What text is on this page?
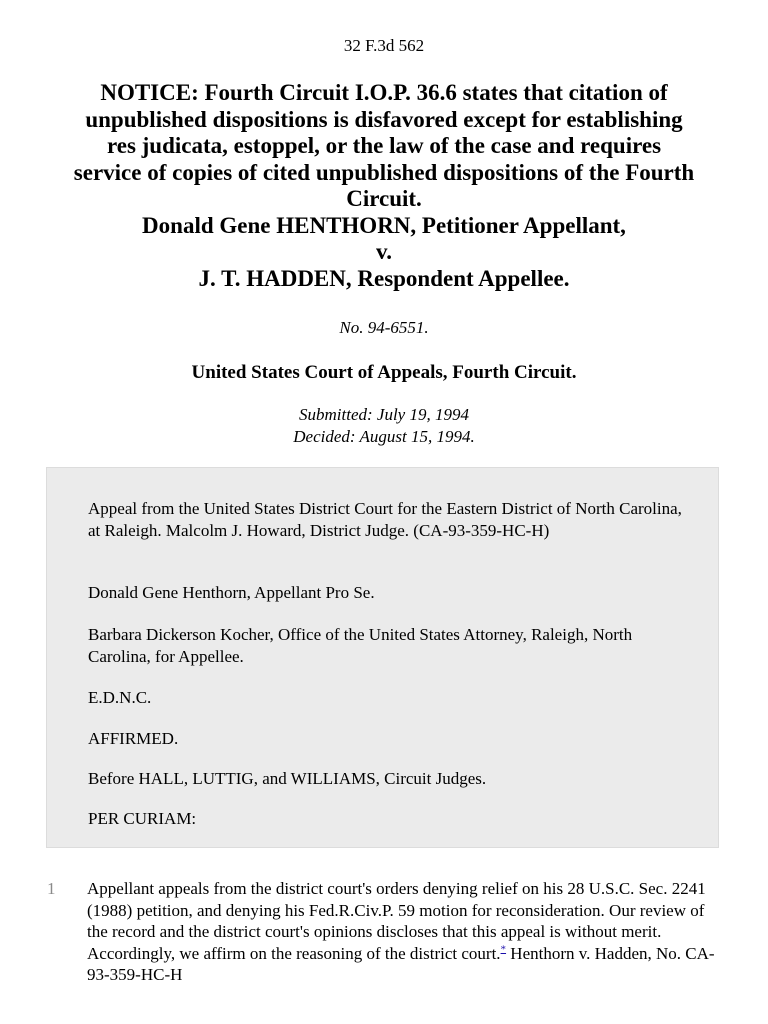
32 F.3d 562
NOTICE: Fourth Circuit I.O.P. 36.6 states that citation of
unpublished dispositions is disfavored except for establishing
res judicata, estoppel, or the law of the case and requires
service of copies of cited unpublished dispositions of the Fourth
Circuit.
Donald Gene HENTHORN, Petitioner Appellant,
v.
J. T. HADDEN, Respondent Appellee.
No. 94-6551.
United States Court of Appeals, Fourth Circuit.
Submitted: July 19, 1994
Decided: August 15, 1994.

Appeal from the United States District Court for the Eastern District of North Carolina, at Raleigh. Malcolm J. Howard, District Judge. (CA-93-359-HC-H)

Donald Gene Henthorn, Appellant Pro Se.

Barbara Dickerson Kocher, Office of the United States Attorney, Raleigh, North Carolina, for Appellee.

E.D.N.C.

AFFIRMED.

Before HALL, LUTTIG, and WILLIAMS, Circuit Judges.

PER CURIAM:

1 Appellant appeals from the district court's orders denying relief on his 28 U.S.C. Sec. 2241 (1988) petition, and denying his Fed.R.Civ.P. 59 motion for reconsideration. Our review of the record and the district court's opinions discloses that this appeal is without merit. Accordingly, we affirm on the reasoning of the district court.* Henthorn v. Hadden, No. CA-93-359-HC-H
